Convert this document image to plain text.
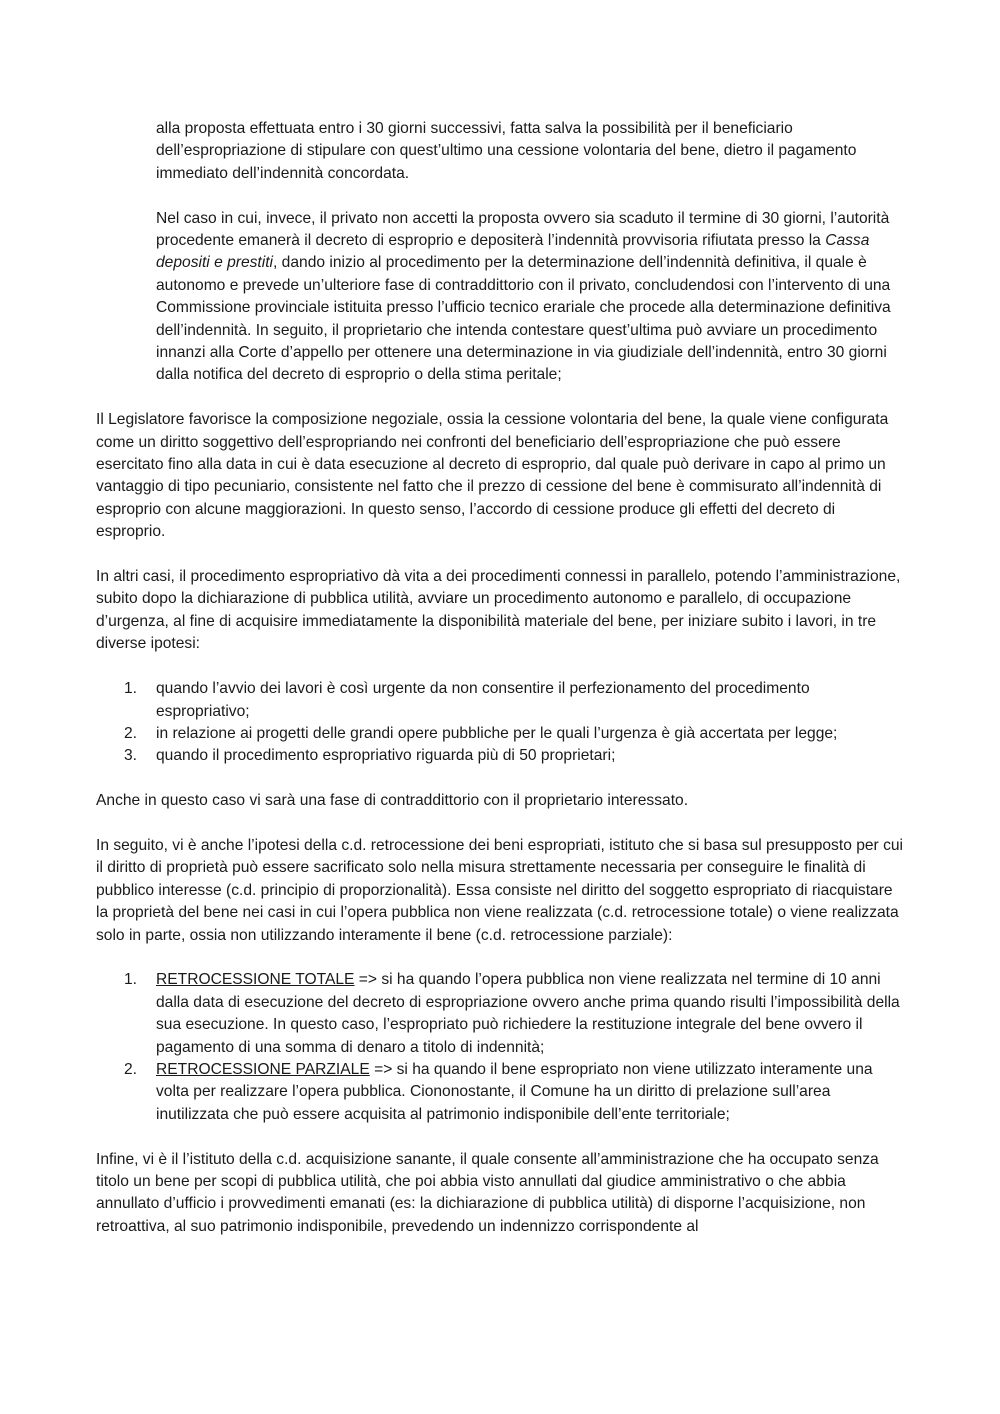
alla proposta effettuata entro i 30 giorni successivi, fatta salva la possibilità per il beneficiario dell’espropriazione di stipulare con quest’ultimo una cessione volontaria del bene, dietro il pagamento immediato dell’indennità concordata.

Nel caso in cui, invece, il privato non accetti la proposta ovvero sia scaduto il termine di 30 giorni, l’autorità procedente emanerà il decreto di esproprio e depositerà l’indennità provvisoria rifiutata presso la Cassa depositi e prestiti, dando inizio al procedimento per la determinazione dell’indennità definitiva, il quale è autonomo e prevede un’ulteriore fase di contraddittorio con il privato, concludendosi con l’intervento di una Commissione provinciale istituita presso l’ufficio tecnico erariale che procede alla determinazione definitiva dell’indennità. In seguito, il proprietario che intenda contestare quest’ultima può avviare un procedimento innanzi alla Corte d’appello per ottenere una determinazione in via giudiziale dell’indennità, entro 30 giorni dalla notifica del decreto di esproprio o della stima peritale;

Il Legislatore favorisce la composizione negoziale, ossia la cessione volontaria del bene, la quale viene configurata come un diritto soggettivo dell’espropriando nei confronti del beneficiario dell’espropriazione che può essere esercitato fino alla data in cui è data esecuzione al decreto di esproprio, dal quale può derivare in capo al primo un vantaggio di tipo pecuniario, consistente nel fatto che il prezzo di cessione del bene è commisurato all’indennità di esproprio con alcune maggiorazioni. In questo senso, l’accordo di cessione produce gli effetti del decreto di esproprio.

In altri casi, il procedimento espropriativo dà vita a dei procedimenti connessi in parallelo, potendo l’amministrazione, subito dopo la dichiarazione di pubblica utilità, avviare un procedimento autonomo e parallelo, di occupazione d’urgenza, al fine di acquisire immediatamente la disponibilità materiale del bene, per iniziare subito i lavori, in tre diverse ipotesi:

1. quando l’avvio dei lavori è così urgente da non consentire il perfezionamento del procedimento espropriativo;
2. in relazione ai progetti delle grandi opere pubbliche per le quali l’urgenza è già accertata per legge;
3. quando il procedimento espropriativo riguarda più di 50 proprietari;

Anche in questo caso vi sarà una fase di contraddittorio con il proprietario interessato.

In seguito, vi è anche l’ipotesi della c.d. retrocessione dei beni espropriati, istituto che si basa sul presupposto per cui il diritto di proprietà può essere sacrificato solo nella misura strettamente necessaria per conseguire le finalità di pubblico interesse (c.d. principio di proporzionalità). Essa consiste nel diritto del soggetto espropriato di riacquistare la proprietà del bene nei casi in cui l’opera pubblica non viene realizzata (c.d. retrocessione totale) o viene realizzata solo in parte, ossia non utilizzando interamente il bene (c.d. retrocessione parziale):

1. RETROCESSIONE TOTALE => si ha quando l’opera pubblica non viene realizzata nel termine di 10 anni dalla data di esecuzione del decreto di espropriazione ovvero anche prima quando risulti l’impossibilità della sua esecuzione. In questo caso, l’espropriato può richiedere la restituzione integrale del bene ovvero il pagamento di una somma di denaro a titolo di indennità;
2. RETROCESSIONE PARZIALE => si ha quando il bene espropriato non viene utilizzato interamente una volta per realizzare l’opera pubblica. Ciononostante, il Comune ha un diritto di prelazione sull’area inutilizzata che può essere acquisita al patrimonio indisponibile dell’ente territoriale;

Infine, vi è il l’istituto della c.d. acquisizione sanante, il quale consente all’amministrazione che ha occupato senza titolo un bene per scopi di pubblica utilità, che poi abbia visto annullati dal giudice amministrativo o che abbia annullato d’ufficio i provvedimenti emanati (es: la dichiarazione di pubblica utilità) di disporne l’acquisizione, non retroattiva, al suo patrimonio indisponibile, prevedendo un indennizzo corrispondente al
